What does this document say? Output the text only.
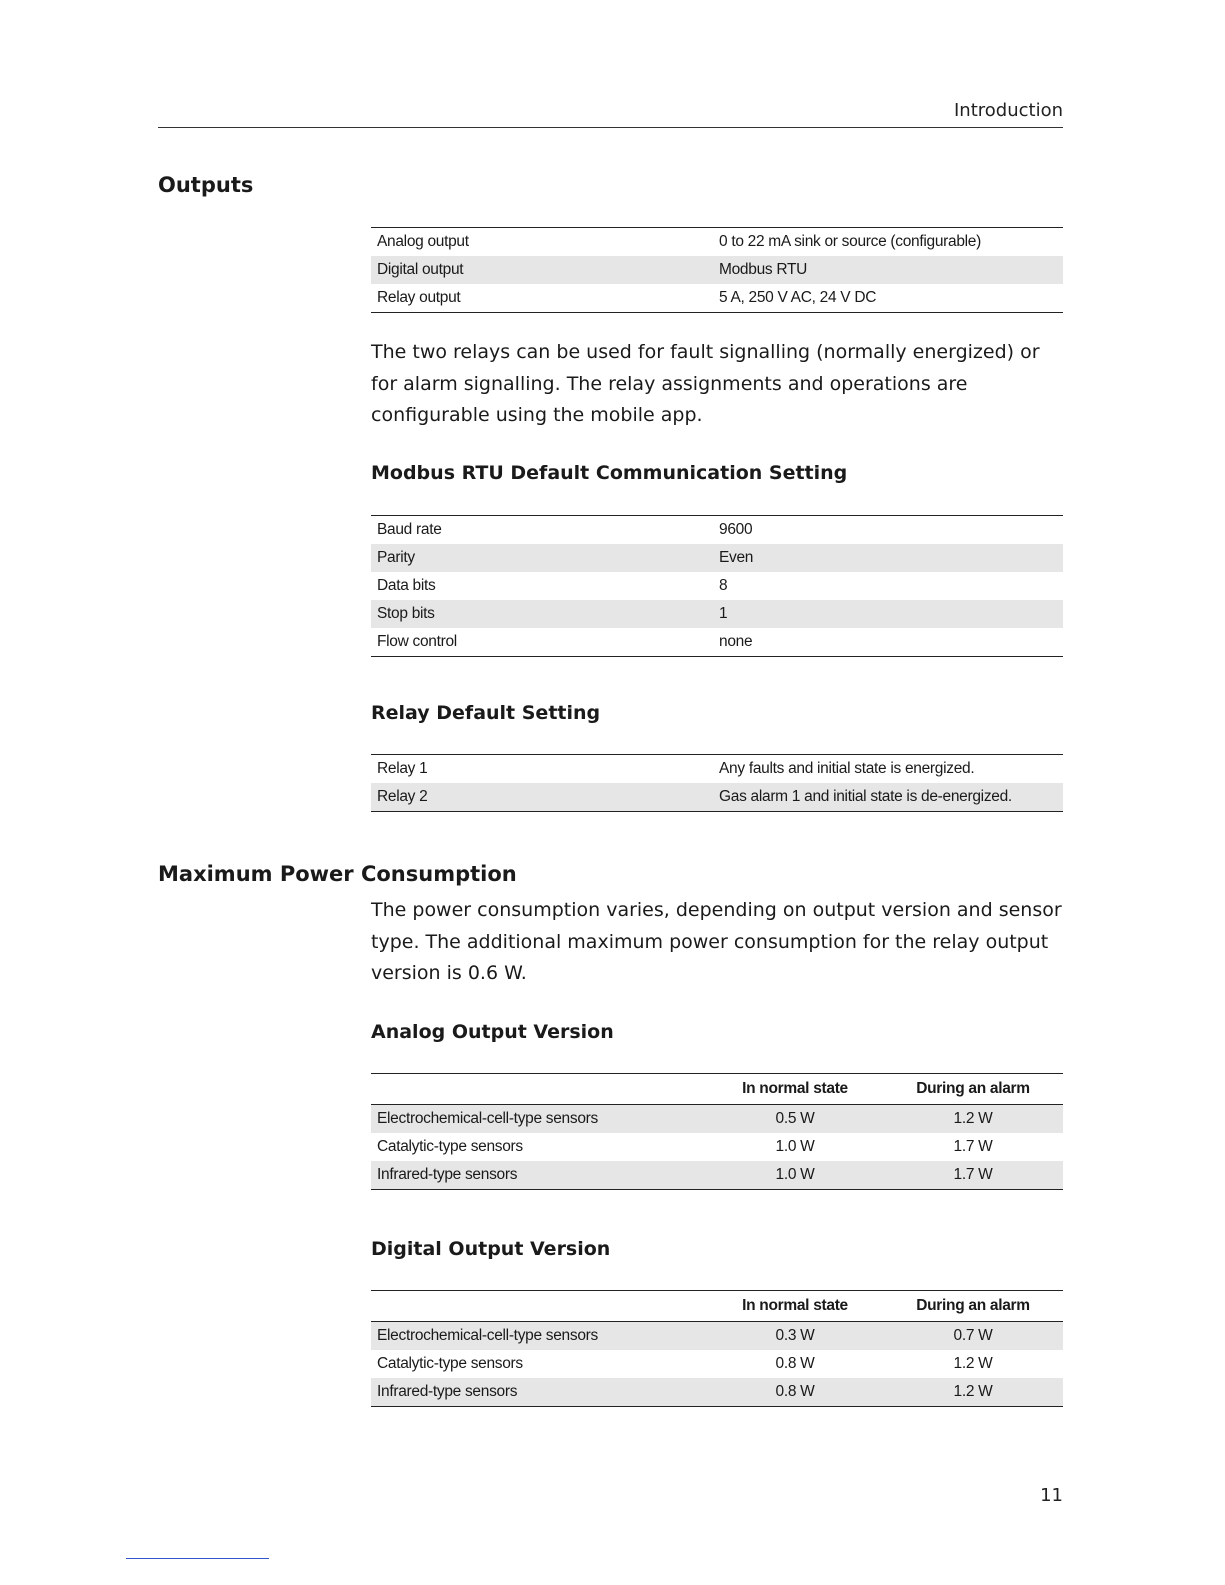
Introduction
Outputs
Analog output	0 to 22 mA sink or source (configurable)
Digital output	Modbus RTU
Relay output	5 A, 250 V AC, 24 V DC
The two relays can be used for fault signalling (normally energized) or for alarm signalling. The relay assignments and operations are configurable using the mobile app.
Modbus RTU Default Communication Setting
Baud rate	9600
Parity	Even
Data bits	8
Stop bits	1
Flow control	none
Relay Default Setting
Relay 1	Any faults and initial state is energized.
Relay 2	Gas alarm 1 and initial state is de-energized.
Maximum Power Consumption
The power consumption varies, depending on output version and sensor type. The additional maximum power consumption for the relay output version is 0.6 W.
Analog Output Version
	In normal state	During an alarm
Electrochemical-cell-type sensors	0.5 W	1.2 W
Catalytic-type sensors	1.0 W	1.7 W
Infrared-type sensors	1.0 W	1.7 W
Digital Output Version
	In normal state	During an alarm
Electrochemical-cell-type sensors	0.3 W	0.7 W
Catalytic-type sensors	0.8 W	1.2 W
Infrared-type sensors	0.8 W	1.2 W
11
